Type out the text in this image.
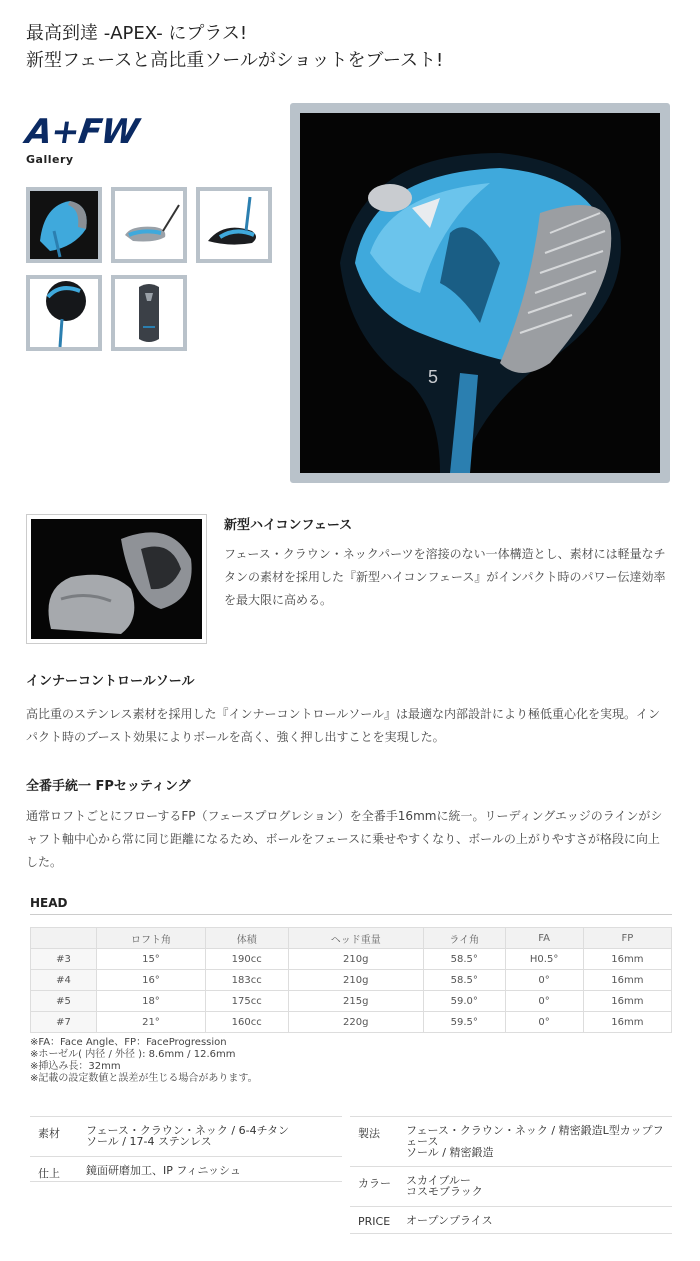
最高到達 -APEX- にプラス!
新型フェースと高比重ソールがショットをブースト!
A+FW
Gallery
5
新型ハイコンフェース
フェース・クラウン・ネックパーツを溶接のない一体構造とし、素材には軽量なチタンの素材を採用した『新型ハイコンフェース』がインパクト時のパワー伝達効率を最大限に高める。
インナーコントロールソール
高比重のステンレス素材を採用した『インナーコントロールソール』は最適な内部設計により極低重心化を実現。インパクト時のブースト効果によりボールを高く、強く押し出すことを実現した。
全番手統一 FPセッティング
通常ロフトごとにフローするFP（フェースプログレション）を全番手16mmに統一。リーディングエッジのラインがシャフト軸中心から常に同じ距離になるため、ボールをフェースに乗せやすくなり、ボールの上がりやすさが格段に向上した。
HEAD
	ロフト角	体積	ヘッド重量	ライ角	FA	FP
#3	15°	190cc	210g	58.5°	H0.5°	16mm
#4	16°	183cc	210g	58.5°	0°	16mm
#5	18°	175cc	215g	59.0°	0°	16mm
#7	21°	160cc	220g	59.5°	0°	16mm
※FA：Face Angle、FP：FaceProgression
※ホーゼル( 内径 / 外径 ): 8.6mm / 12.6mm
※挿込み長：32mm
※記載の設定数値と誤差が生じる場合があります。
素材 フェース・クラウン・ネック / 6-4チタン
ソール / 17-4 ステンレス
仕上 鏡面研磨加工、IP フィニッシュ
製法 フェース・クラウン・ネック / 精密鍛造L型カップフェース
ソール / 精密鍛造
カラー スカイブルー
コスモブラック
PRICE オープンプライス
